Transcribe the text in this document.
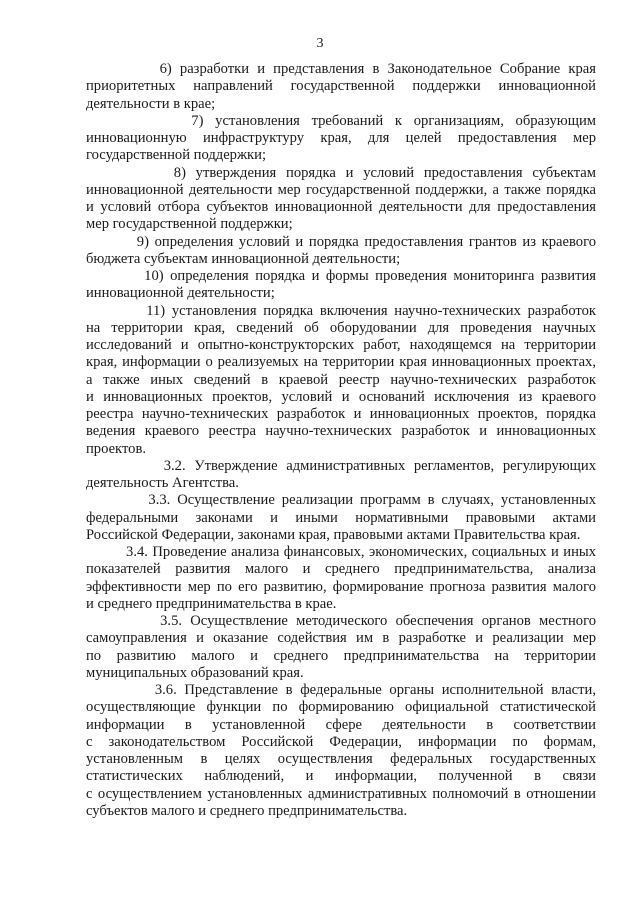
3
6) разработки и представления в Законодательное Собрание края
приоритетных направлений государственной поддержки инновационной
деятельности в крае;
7) установления требований к организациям, образующим
инновационную инфраструктуру края, для целей предоставления мер
государственной поддержки;
8) утверждения порядка и условий предоставления субъектам
инновационной деятельности мер государственной поддержки, а также порядка
и условий отбора субъектов инновационной деятельности для предоставления
мер государственной поддержки;
9) определения условий и порядка предоставления грантов из краевого
бюджета субъектам инновационной деятельности;
10) определения порядка и формы проведения мониторинга развития
инновационной деятельности;
11) установления порядка включения научно-технических разработок
на территории края, сведений об оборудовании для проведения научных
исследований и опытно-конструкторских работ, находящемся на территории
края, информации о реализуемых на территории края инновационных проектах,
а также иных сведений в краевой реестр научно-технических разработок
и инновационных проектов, условий и оснований исключения из краевого
реестра научно-технических разработок и инновационных проектов, порядка
ведения краевого реестра научно-технических разработок и инновационных
проектов.
3.2. Утверждение административных регламентов, регулирующих
деятельность Агентства.
3.3. Осуществление реализации программ в случаях, установленных
федеральными законами и иными нормативными правовыми актами
Российской Федерации, законами края, правовыми актами Правительства края.
3.4. Проведение анализа финансовых, экономических, социальных и иных
показателей развития малого и среднего предпринимательства, анализа
эффективности мер по его развитию, формирование прогноза развития малого
и среднего предпринимательства в крае.
3.5. Осуществление методического обеспечения органов местного
самоуправления и оказание содействия им в разработке и реализации мер
по развитию малого и среднего предпринимательства на территории
муниципальных образований края.
3.6. Представление в федеральные органы исполнительной власти,
осуществляющие функции по формированию официальной статистической
информации в установленной сфере деятельности в соответствии
с законодательством Российской Федерации, информации по формам,
установленным в целях осуществления федеральных государственных
статистических наблюдений, и информации, полученной в связи
с осуществлением установленных административных полномочий в отношении
субъектов малого и среднего предпринимательства.
